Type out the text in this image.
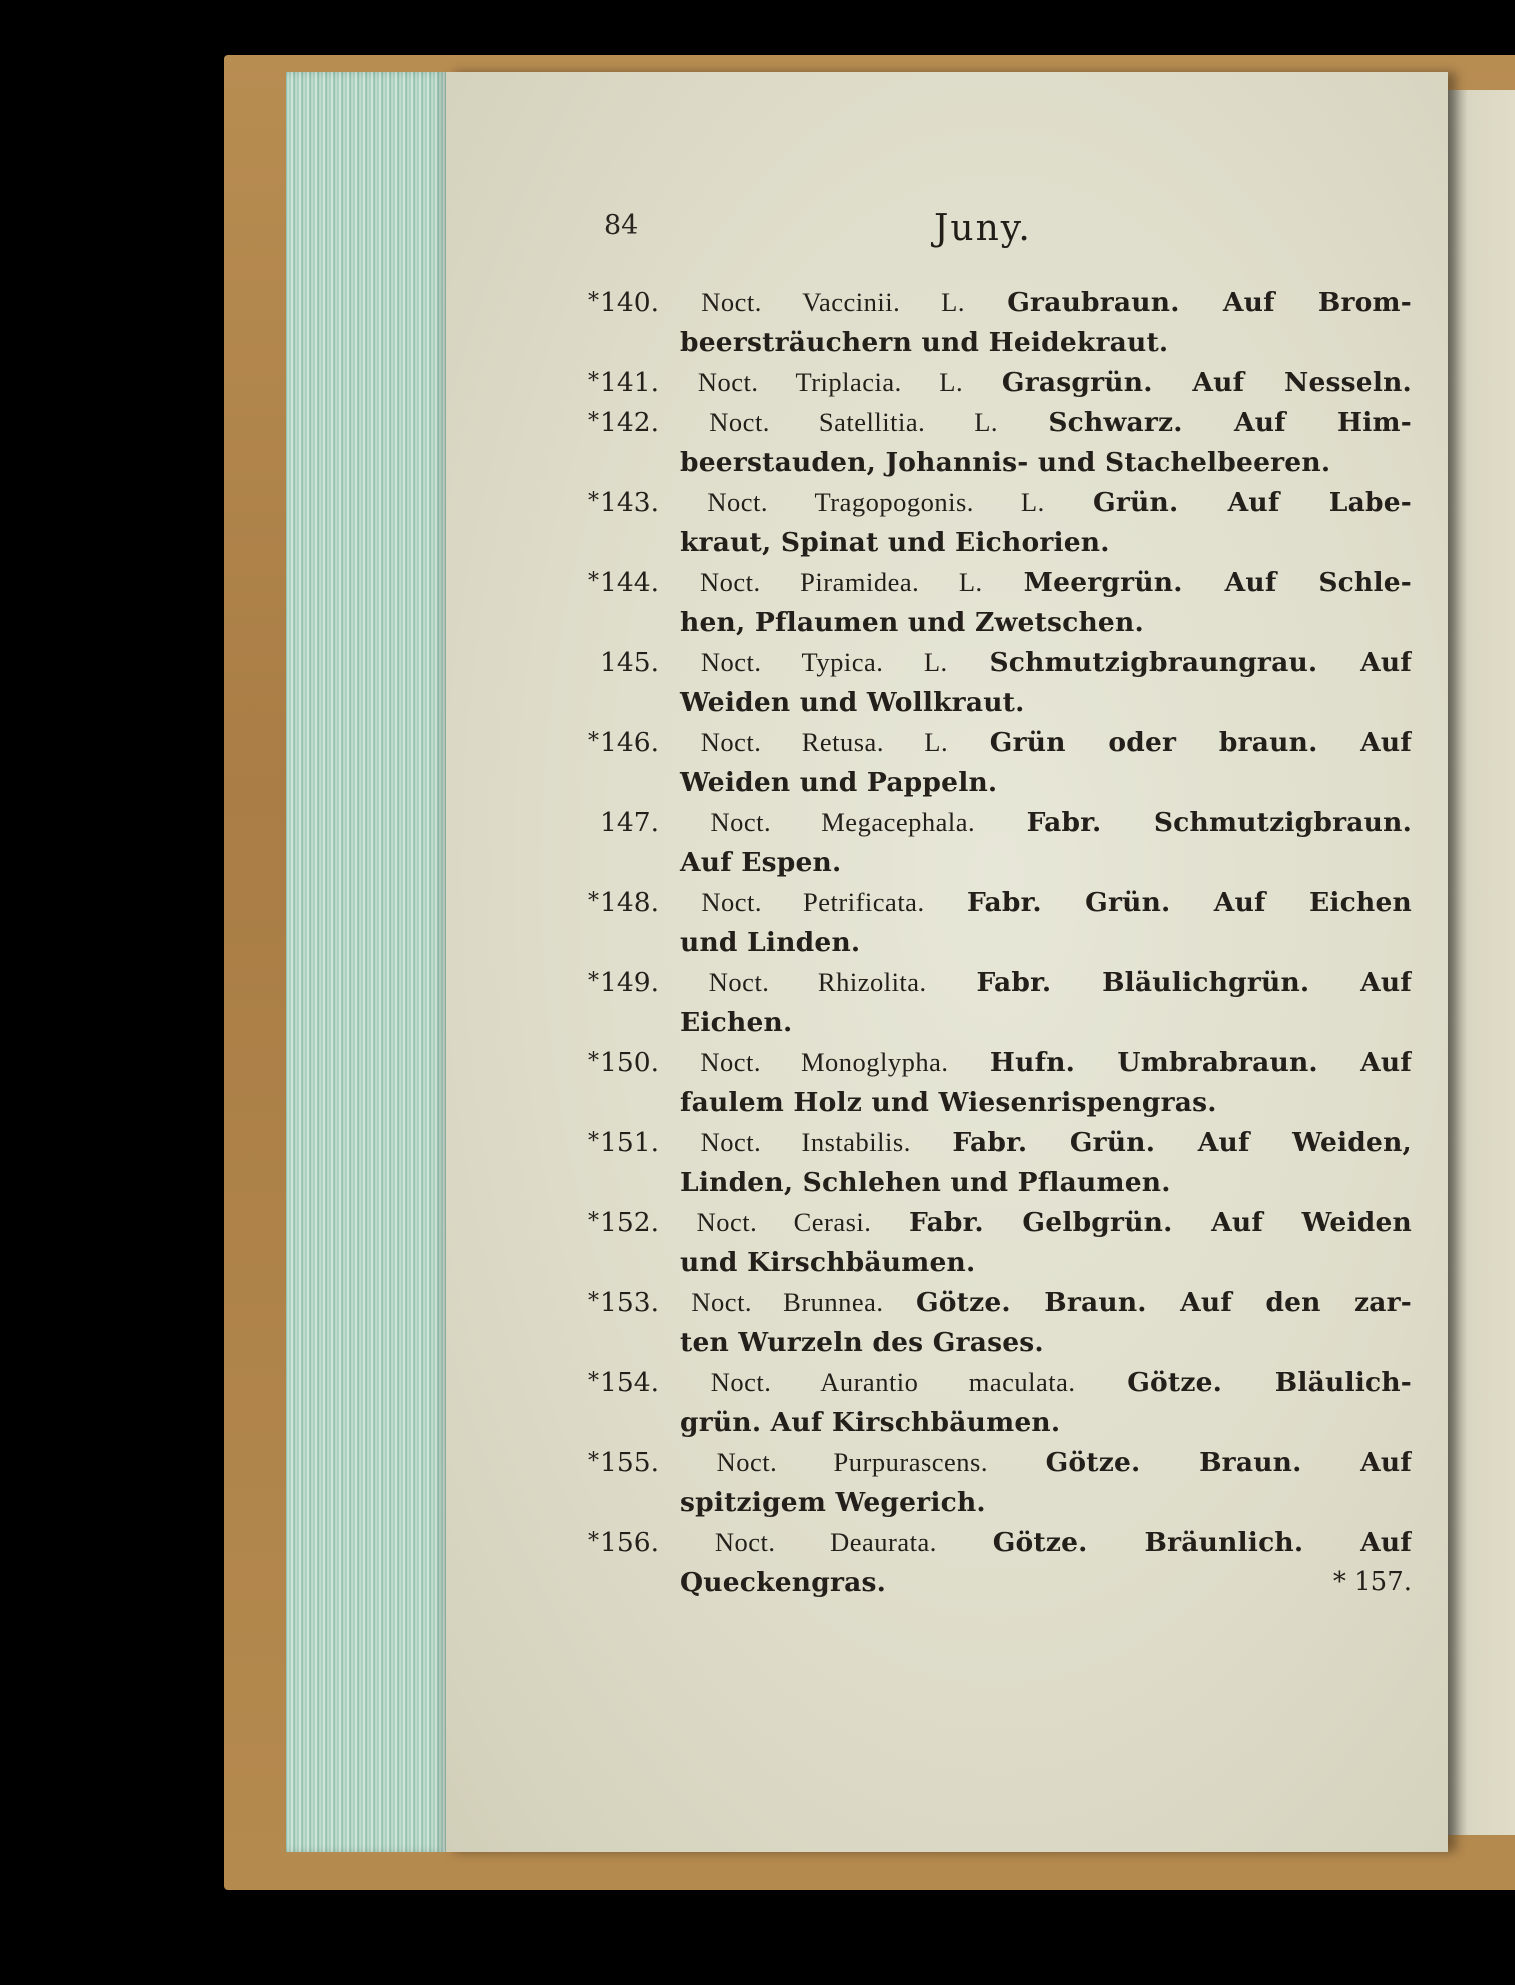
84	Juny.
* 140. Noct. Vaccinii. L. Graubraun. Auf Brom-
beersträuchern und Heidekraut.
* 141. Noct. Triplacia. L. Grasgrün. Auf Nesseln.
* 142. Noct. Satellitia. L. Schwarz. Auf Him-
beerstauden, Johannis- und Stachelbeeren.
* 143. Noct. Tragopogonis. L. Grün. Auf Labe-
kraut, Spinat und Eichorien.
* 144. Noct. Piramidea. L. Meergrün. Auf Schle-
hen, Pflaumen und Zwetschen.
145. Noct. Typica. L. Schmutzigbraungrau. Auf
Weiden und Wollkraut.
* 146. Noct. Retusa. L. Grün oder braun. Auf
Weiden und Pappeln.
147. Noct. Megacephala. Fabr. Schmutzigbraun.
Auf Espen.
* 148. Noct. Petrificata. Fabr. Grün. Auf Eichen
und Linden.
* 149. Noct. Rhizolita. Fabr. Bläulichgrün. Auf
Eichen.
* 150. Noct. Monoglypha. Hufn. Umbrabraun. Auf
faulem Holz und Wiesenrispengras.
* 151. Noct. Instabilis. Fabr. Grün. Auf Weiden,
Linden, Schlehen und Pflaumen.
* 152. Noct. Cerasi. Fabr. Gelbgrün. Auf Weiden
und Kirschbäumen.
* 153. Noct. Brunnea. Götze. Braun. Auf den zar-
ten Wurzeln des Grases.
* 154. Noct. Aurantio maculata. Götze. Bläulich-
grün. Auf Kirschbäumen.
* 155. Noct. Purpurascens. Götze. Braun. Auf
spitzigem Wegerich.
* 156. Noct. Deaurata. Götze. Bräunlich. Auf
Queckengras.	* 157.
